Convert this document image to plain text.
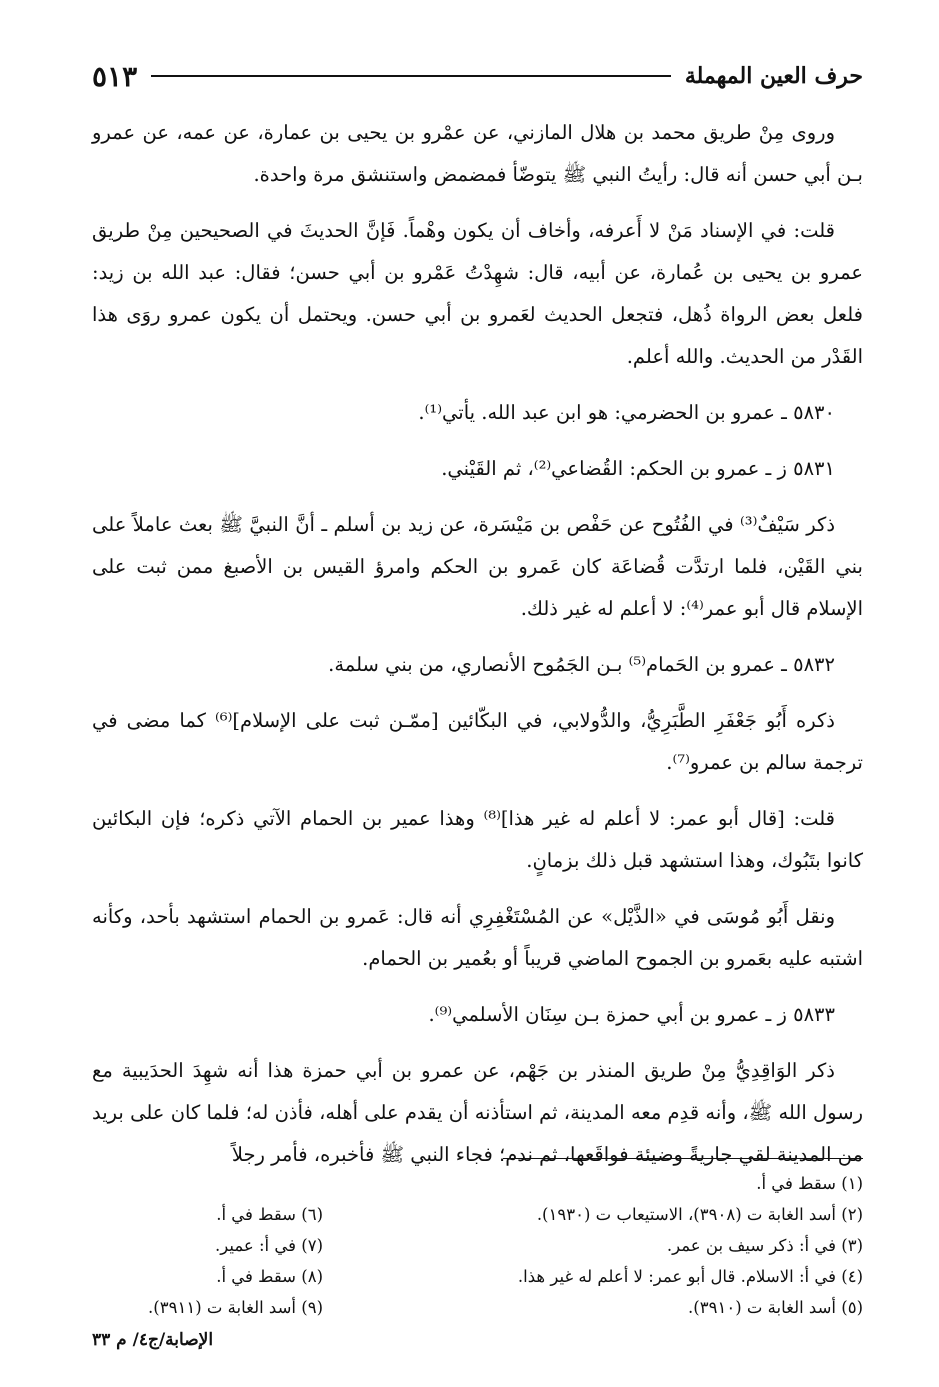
٥١٣	حرف العين المهملة

وروى مِنْ طريق محمد بن هلال المازني، عن عمْرو بن يحيى بن عمارة، عن عمه، عن عمرو بـن أبي حسن أنه قال: رأيتُ النبي ﷺ يتوضّأ فمضمض واستنشق مرة واحدة.

قلت: في الإسناد مَنْ لا أَعرفه، وأخاف أن يكون وهْماً. فَإنَّ الحديثَ في الصحيحين مِنْ طريق عمرو بن يحيى بن عُمارة، عن أبيه، قال: شهِدْتُ عَمْرو بن أبي حسن؛ فقال: عبد الله بن زيد: فلعل بعض الرواة ذُهل، فتجعل الحديث لعَمرو بن أبي حسن. ويحتمل أن يكون عمرو روَى هذا القَدْر من الحديث. والله أعلم.

٥٨٣٠ ـ عمرو بن الحضرمي: هو ابن عبد الله. يأتي⁽¹⁾.

٥٨٣١ ز ـ عمرو بن الحكم: القُضاعي⁽²⁾، ثم القَيْني.

ذكر سَيْفٌ⁽³⁾ في الفُتُوح عن حَفْص بن مَيْسَرة، عن زيد بن أسلم ـ أنَّ النبيَّ ﷺ بعث عاملاً على بني القَيْن، فلما ارتدَّت قُضاعَة كان عَمرو بن الحكم وامرؤ القيس بن الأصبغ ممن ثبت على الإسلام قال أبو عمر⁽⁴⁾: لا أعلم له غير ذلك.

٥٨٣٢ ـ عمرو بن الحَمام⁽⁵⁾ بـن الجَمُوح الأنصاري، من بني سلمة.

ذكره أَبُو جَعْفَرِ الطَّبَرِيُّ، والدُّولابي، في البكّائين [ممّـن ثبت على الإسلام]⁽⁶⁾ كما مضى في ترجمة سالم بن عمرو⁽⁷⁾.

قلت: [قال أبو عمر: لا أعلم له غير هذا]⁽⁸⁾ وهذا عمير بن الحمام الآتي ذكره؛ فإن البكائين كانوا بتَبُوك، وهذا استشهد قبل ذلك بزمانٍ.

ونقل أَبُو مُوسَى في «الذَّيْل» عن المُسْتَغْفِرِي أنه قال: عَمرو بن الحمام استشهد بأحد، وكأنه اشتبه عليه بعَمرو بن الجموح الماضي قريباً أو بعُمير بن الحمام.

٥٨٣٣ ز ـ عمرو بن أبي حمزة بـن سِنَان الأسلمي⁽⁹⁾.

ذكر الوَاقِدِيُّ مِنْ طريق المنذر بن جَهْم، عن عمرو بن أبي حمزة هذا أنه شهِدَ الحدَيبية مع رسول الله ﷺ، وأنه قدِم معه المدينة، ثم استأذنه أن يقدم على أهله، فأذن له؛ فلما كان على بريد من المدينة لقي جاريةً وضيئة فواقَعها، ثم ندم؛ فجاء النبي ﷺ فأخبره، فأمر رجلاً

(١) سقط في أ.
(٢) أسد الغابة ت (٣٩٠٨)، الاستيعاب ت (١٩٣٠).
(٣) في أ: ذكر سيف بن عمر.
(٤) في أ: الاسلام. قال أبو عمر: لا أعلم له غير هذا.
(٥) أسد الغابة ت (٣٩١٠).
(٦) سقط في أ.
(٧) في أ: عمير.
(٨) سقط في أ.
(٩) أسد الغابة ت (٣٩١١).
الإصابة/ج٤/ م ٣٣
